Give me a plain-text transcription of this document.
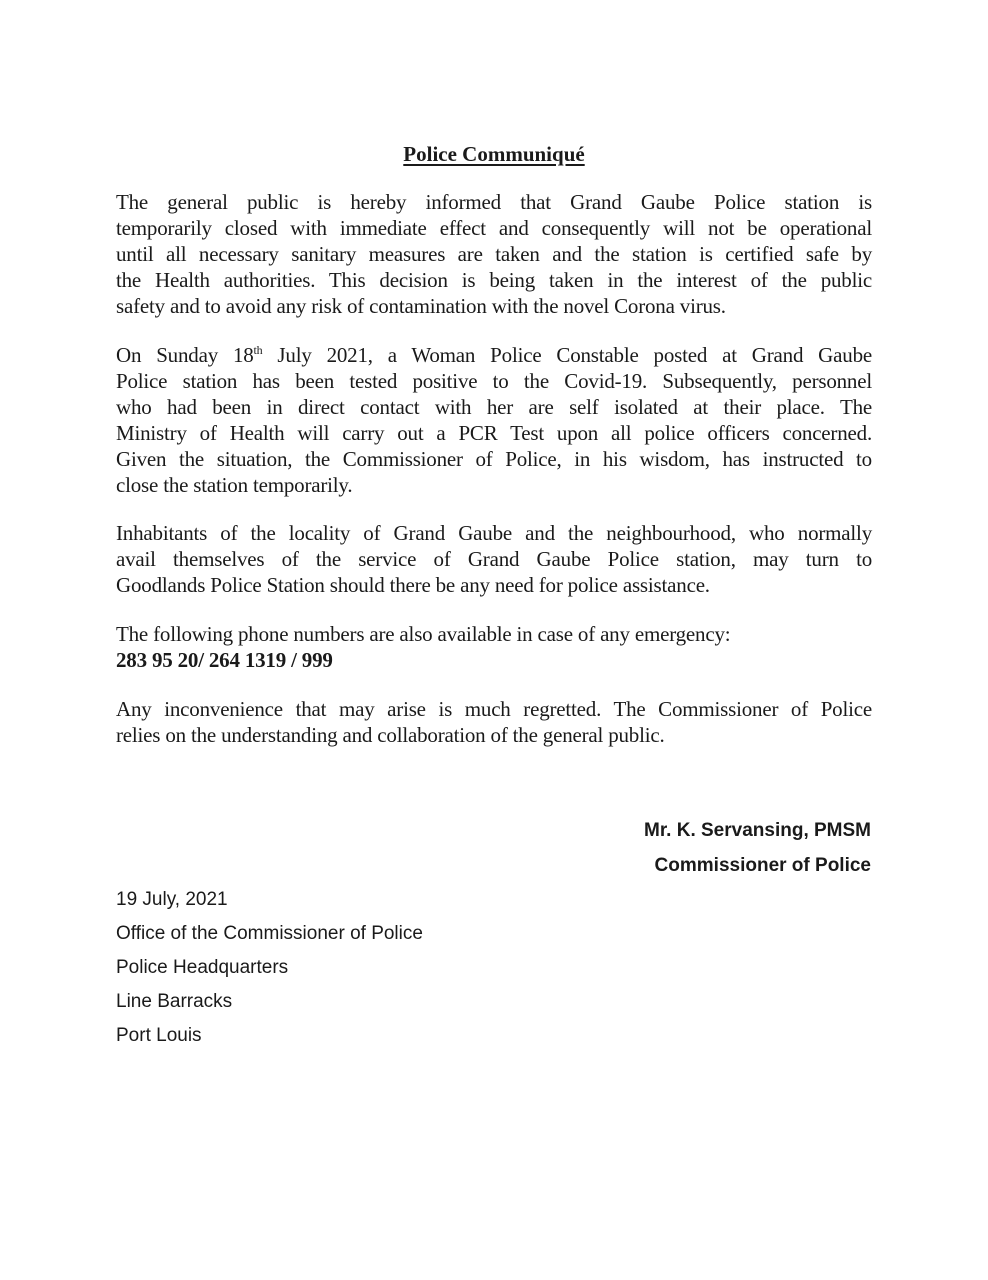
Police Communiqué

The general public is hereby informed that Grand Gaube Police station is
temporarily closed with immediate effect and consequently will not be operational
until all necessary sanitary measures are taken and the station is certified safe by
the Health authorities. This decision is being taken in the interest of the public
safety and to avoid any risk of contamination with the novel Corona virus.

On Sunday 18th July 2021, a Woman Police Constable posted at Grand Gaube
Police station has been tested positive to the Covid-19. Subsequently, personnel
who had been in direct contact with her are self isolated at their place. The
Ministry of Health will carry out a PCR Test upon all police officers concerned.
Given the situation, the Commissioner of Police, in his wisdom, has instructed to
close the station temporarily.

Inhabitants of the locality of Grand Gaube and the neighbourhood, who normally
avail themselves of the service of Grand Gaube Police station, may turn to
Goodlands Police Station should there be any need for police assistance.

The following phone numbers are also available in case of any emergency:
283 95 20/ 264 1319 / 999

Any inconvenience that may arise is much regretted. The Commissioner of Police
relies on the understanding and collaboration of the general public.

Mr. K. Servansing, PMSM
Commissioner of Police
19 July, 2021
Office of the Commissioner of Police
Police Headquarters
Line Barracks
Port Louis
